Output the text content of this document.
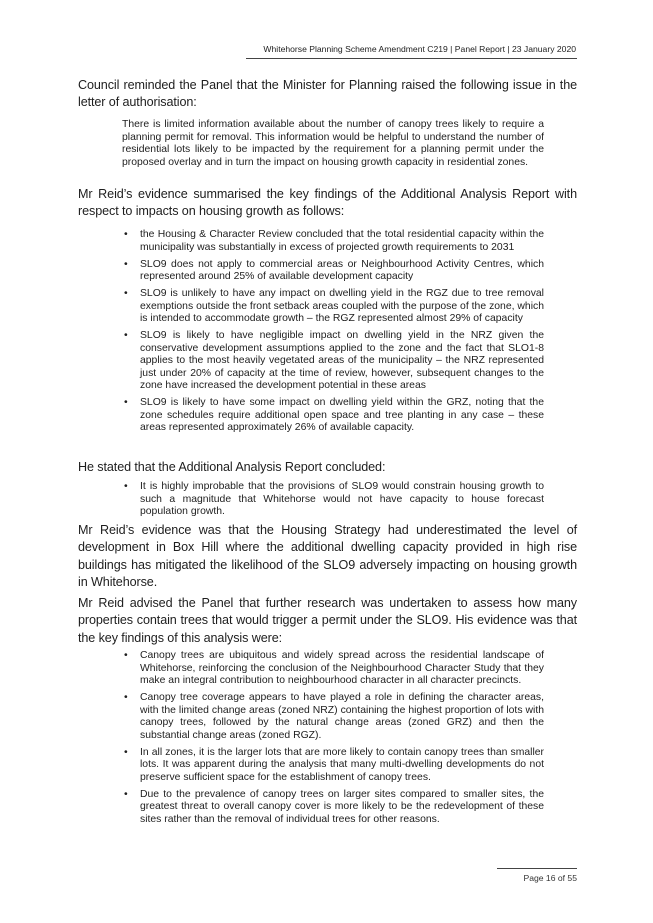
Whitehorse Planning Scheme Amendment C219 | Panel Report | 23 January 2020

Council reminded the Panel that the Minister for Planning raised the following issue in the letter of authorisation:

There is limited information available about the number of canopy trees likely to require a planning permit for removal. This information would be helpful to understand the number of residential lots likely to be impacted by the requirement for a planning permit under the proposed overlay and in turn the impact on housing growth capacity in residential zones.

Mr Reid’s evidence summarised the key findings of the Additional Analysis Report with respect to impacts on housing growth as follows:

• the Housing & Character Review concluded that the total residential capacity within the municipality was substantially in excess of projected growth requirements to 2031
• SLO9 does not apply to commercial areas or Neighbourhood Activity Centres, which represented around 25% of available development capacity
• SLO9 is unlikely to have any impact on dwelling yield in the RGZ due to tree removal exemptions outside the front setback areas coupled with the purpose of the zone, which is intended to accommodate growth – the RGZ represented almost 29% of capacity
• SLO9 is likely to have negligible impact on dwelling yield in the NRZ given the conservative development assumptions applied to the zone and the fact that SLO1-8 applies to the most heavily vegetated areas of the municipality – the NRZ represented just under 20% of capacity at the time of review, however, subsequent changes to the zone have increased the development potential in these areas
• SLO9 is likely to have some impact on dwelling yield within the GRZ, noting that the zone schedules require additional open space and tree planting in any case – these areas represented approximately 26% of available capacity.

He stated that the Additional Analysis Report concluded:

• It is highly improbable that the provisions of SLO9 would constrain housing growth to such a magnitude that Whitehorse would not have capacity to house forecast population growth.

Mr Reid’s evidence was that the Housing Strategy had underestimated the level of development in Box Hill where the additional dwelling capacity provided in high rise buildings has mitigated the likelihood of the SLO9 adversely impacting on housing growth in Whitehorse.

Mr Reid advised the Panel that further research was undertaken to assess how many properties contain trees that would trigger a permit under the SLO9. His evidence was that the key findings of this analysis were:

• Canopy trees are ubiquitous and widely spread across the residential landscape of Whitehorse, reinforcing the conclusion of the Neighbourhood Character Study that they make an integral contribution to neighbourhood character in all character precincts.
• Canopy tree coverage appears to have played a role in defining the character areas, with the limited change areas (zoned NRZ) containing the highest proportion of lots with canopy trees, followed by the natural change areas (zoned GRZ) and then the substantial change areas (zoned RGZ).
• In all zones, it is the larger lots that are more likely to contain canopy trees than smaller lots. It was apparent during the analysis that many multi-dwelling developments do not preserve sufficient space for the establishment of canopy trees.
• Due to the prevalence of canopy trees on larger sites compared to smaller sites, the greatest threat to overall canopy cover is more likely to be the redevelopment of these sites rather than the removal of individual trees for other reasons.
Page 16 of 55
